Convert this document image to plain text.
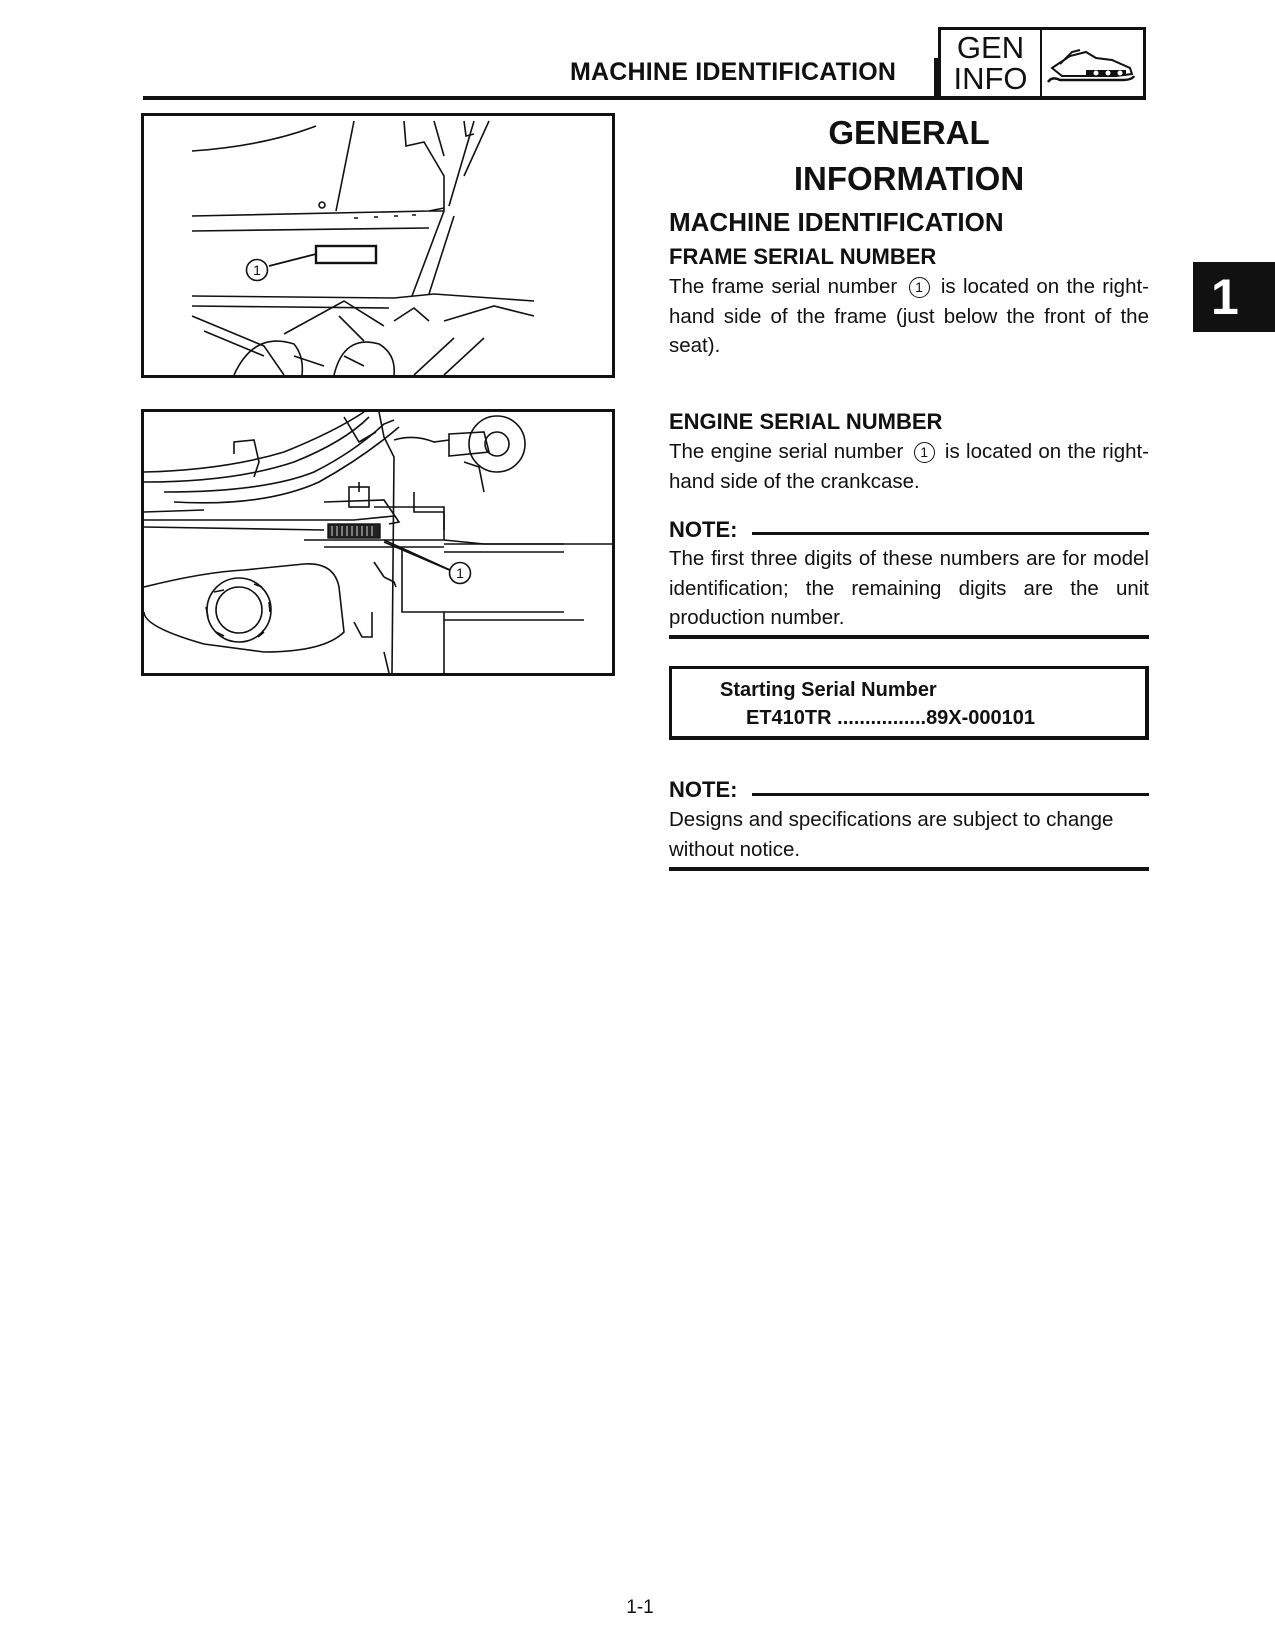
MACHINE IDENTIFICATION
GEN
INFO
1
1
1
GENERAL
INFORMATION
MACHINE IDENTIFICATION
FRAME SERIAL NUMBER
The frame serial number 1 is located on the right-hand side of the frame (just below the front of the seat).
ENGINE SERIAL NUMBER
The engine serial number 1 is located on the right-hand side of the crankcase.
NOTE:
The first three digits of these numbers are for model identification; the remaining digits are the unit production number.
Starting Serial Number
ET410TR ................89X-000101
NOTE:
Designs and specifications are subject to change without notice.
1-1
